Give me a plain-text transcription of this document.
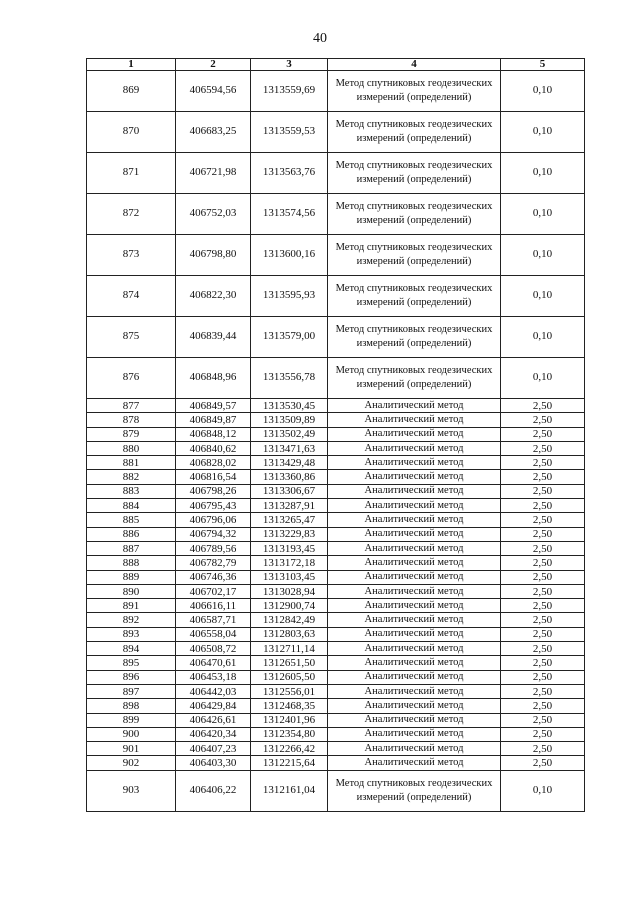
40
1	2	3	4	5
869	406594,56	1313559,69	Метод спутниковых геодезических измерений (определений)	0,10
870	406683,25	1313559,53	Метод спутниковых геодезических измерений (определений)	0,10
871	406721,98	1313563,76	Метод спутниковых геодезических измерений (определений)	0,10
872	406752,03	1313574,56	Метод спутниковых геодезических измерений (определений)	0,10
873	406798,80	1313600,16	Метод спутниковых геодезических измерений (определений)	0,10
874	406822,30	1313595,93	Метод спутниковых геодезических измерений (определений)	0,10
875	406839,44	1313579,00	Метод спутниковых геодезических измерений (определений)	0,10
876	406848,96	1313556,78	Метод спутниковых геодезических измерений (определений)	0,10
877	406849,57	1313530,45	Аналитический метод	2,50
878	406849,87	1313509,89	Аналитический метод	2,50
879	406848,12	1313502,49	Аналитический метод	2,50
880	406840,62	1313471,63	Аналитический метод	2,50
881	406828,02	1313429,48	Аналитический метод	2,50
882	406816,54	1313360,86	Аналитический метод	2,50
883	406798,26	1313306,67	Аналитический метод	2,50
884	406795,43	1313287,91	Аналитический метод	2,50
885	406796,06	1313265,47	Аналитический метод	2,50
886	406794,32	1313229,83	Аналитический метод	2,50
887	406789,56	1313193,45	Аналитический метод	2,50
888	406782,79	1313172,18	Аналитический метод	2,50
889	406746,36	1313103,45	Аналитический метод	2,50
890	406702,17	1313028,94	Аналитический метод	2,50
891	406616,11	1312900,74	Аналитический метод	2,50
892	406587,71	1312842,49	Аналитический метод	2,50
893	406558,04	1312803,63	Аналитический метод	2,50
894	406508,72	1312711,14	Аналитический метод	2,50
895	406470,61	1312651,50	Аналитический метод	2,50
896	406453,18	1312605,50	Аналитический метод	2,50
897	406442,03	1312556,01	Аналитический метод	2,50
898	406429,84	1312468,35	Аналитический метод	2,50
899	406426,61	1312401,96	Аналитический метод	2,50
900	406420,34	1312354,80	Аналитический метод	2,50
901	406407,23	1312266,42	Аналитический метод	2,50
902	406403,30	1312215,64	Аналитический метод	2,50
903	406406,22	1312161,04	Метод спутниковых геодезических измерений (определений)	0,10
